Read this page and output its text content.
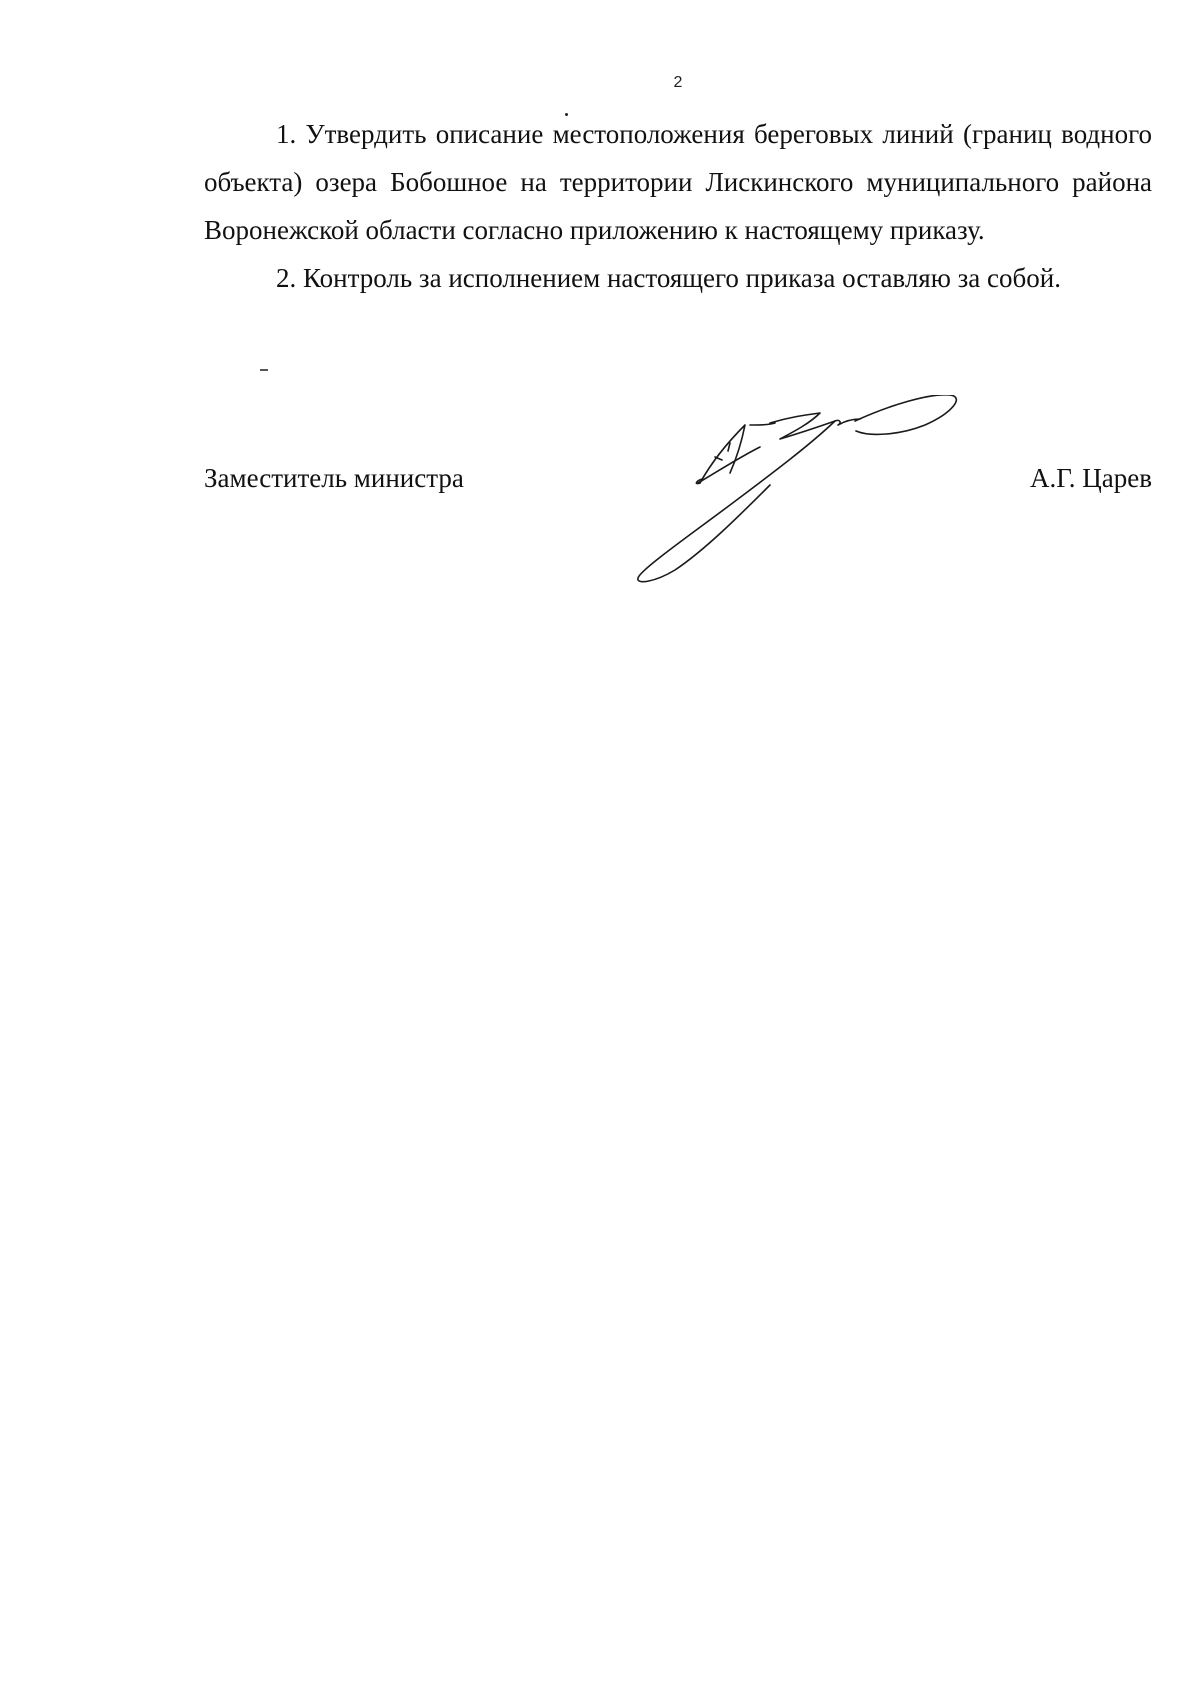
2

1. Утвердить описание местоположения береговых линий (границ водного объекта) озера Бобошное на территории Лискинского муниципального района Воронежской области согласно приложению к настоящему приказу.

2. Контроль за исполнением настоящего приказа оставляю за собой.

Заместитель министра	А.Г. Царев
